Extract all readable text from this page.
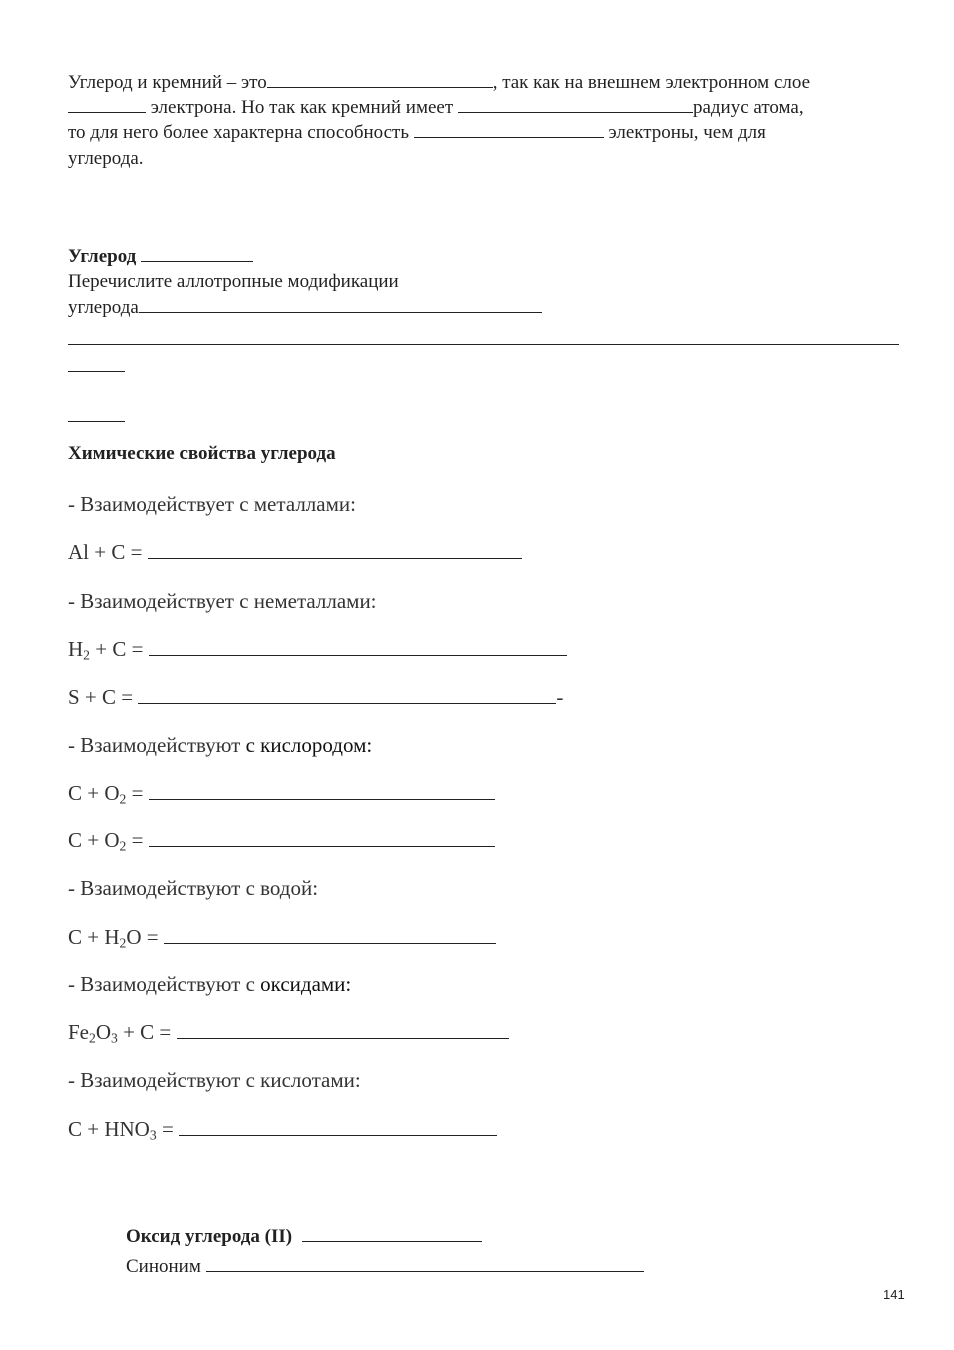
Углерод и кремний – это	, так как на внешнем электронном слое
электрона. Но так как кремний имеет	радиус атома,
то для него более характерна способность	электроны, чем для
углерода.
Углерод
Перечислите аллотропные модификации
углерода
Химические свойства углерода
- Взаимодействует с металлами:
Al + C =
- Взаимодействует с неметаллами:
$H_2 + C$ =
S + C =	-
- Взаимодействуют с кислородом:
$C + O_2$ =
$C + O_2$ =
- Взаимодействуют с водой:
$C + H_2O$ =
- Взаимодействуют с оксидами:
$Fe_2O_3 + C$ =
- Взаимодействуют с кислотами:
$C + HNO_3$ =
Оксид углерода (II)
Синоним
141
